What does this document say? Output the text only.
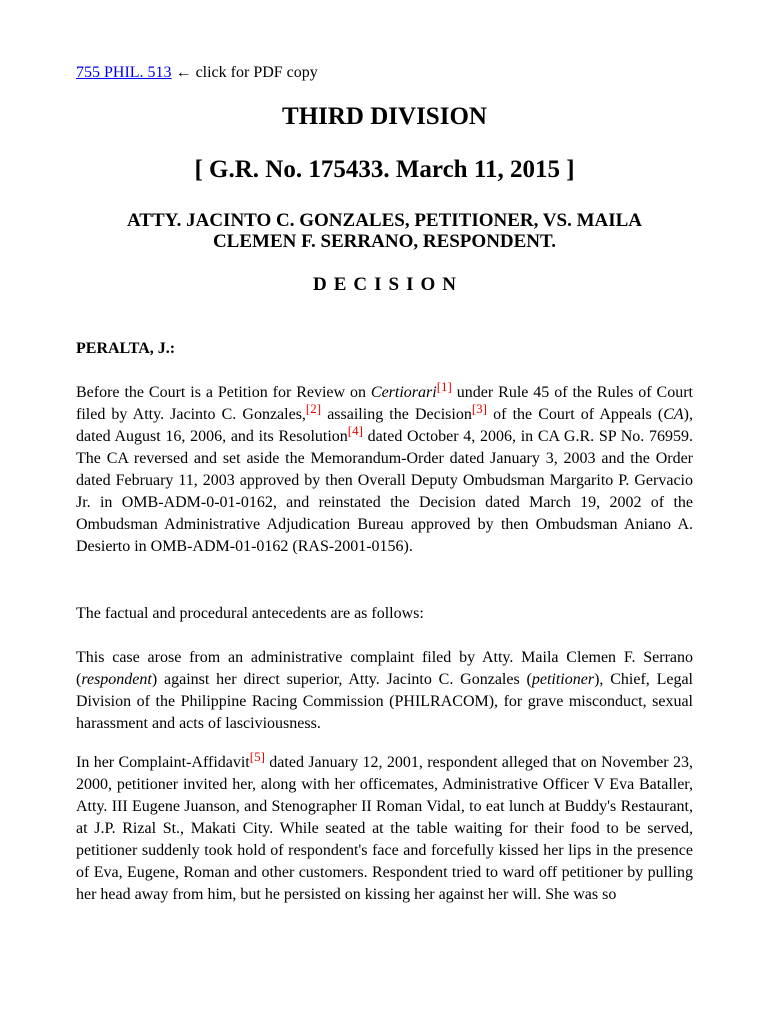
755 PHIL. 513 ← click for PDF copy
THIRD DIVISION
[ G.R. No. 175433. March 11, 2015 ]
ATTY. JACINTO C. GONZALES, PETITIONER, VS. MAILA
CLEMEN F. SERRANO, RESPONDENT.
DECISION
PERALTA, J.:
Before the Court is a Petition for Review on Certiorari[1] under Rule 45 of the Rules of Court filed by Atty. Jacinto C. Gonzales,[2] assailing the Decision[3] of the Court of Appeals (CA), dated August 16, 2006, and its Resolution[4] dated October 4, 2006, in CA G.R. SP No. 76959. The CA reversed and set aside the Memorandum-Order dated January 3, 2003 and the Order dated February 11, 2003 approved by then Overall Deputy Ombudsman Margarito P. Gervacio Jr. in OMB-ADM-0-01-0162, and reinstated the Decision dated March 19, 2002 of the Ombudsman Administrative Adjudication Bureau approved by then Ombudsman Aniano A. Desierto in OMB-ADM-01-0162 (RAS-2001-0156).
The factual and procedural antecedents are as follows:
This case arose from an administrative complaint filed by Atty. Maila Clemen F. Serrano (respondent) against her direct superior, Atty. Jacinto C. Gonzales (petitioner), Chief, Legal Division of the Philippine Racing Commission (PHILRACOM), for grave misconduct, sexual harassment and acts of lasciviousness.
In her Complaint-Affidavit[5] dated January 12, 2001, respondent alleged that on November 23, 2000, petitioner invited her, along with her officemates, Administrative Officer V Eva Bataller, Atty. III Eugene Juanson, and Stenographer II Roman Vidal, to eat lunch at Buddy's Restaurant, at J.P. Rizal St., Makati City. While seated at the table waiting for their food to be served, petitioner suddenly took hold of respondent's face and forcefully kissed her lips in the presence of Eva, Eugene, Roman and other customers. Respondent tried to ward off petitioner by pulling her head away from him, but he persisted on kissing her against her will. She was so
